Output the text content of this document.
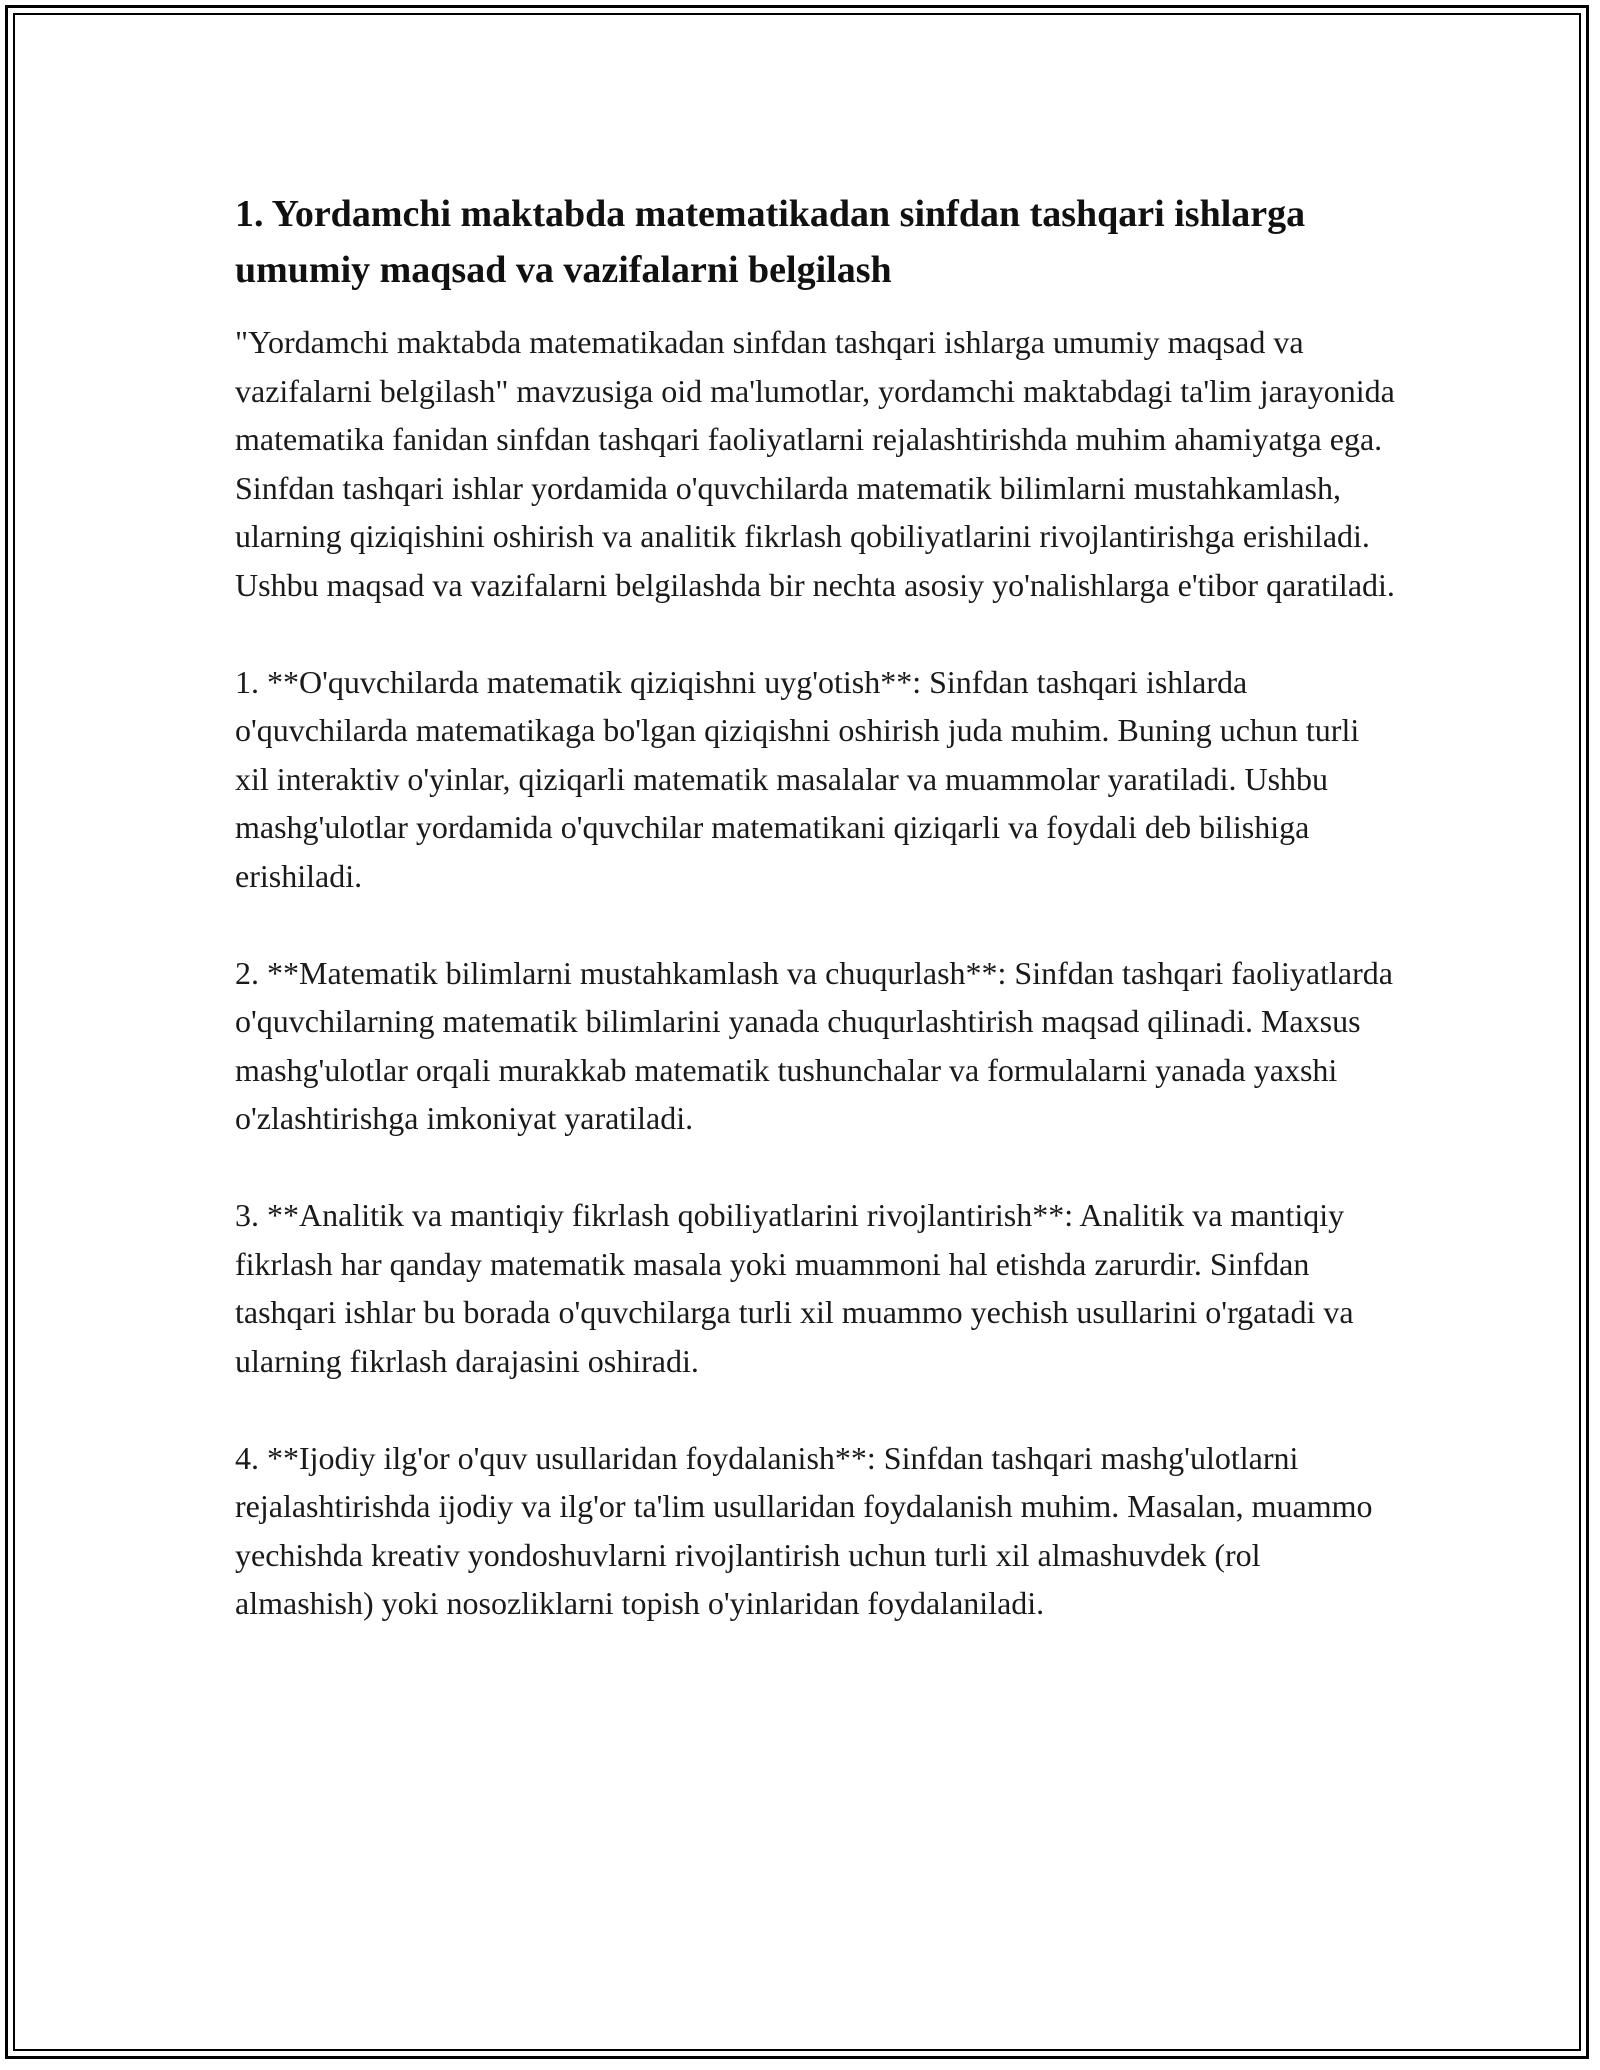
1. Yordamchi maktabda matematikadan sinfdan tashqari ishlarga umumiy maqsad va vazifalarni belgilash

"Yordamchi maktabda matematikadan sinfdan tashqari ishlarga umumiy maqsad va vazifalarni belgilash" mavzusiga oid ma'lumotlar, yordamchi maktabdagi ta'lim jarayonida matematika fanidan sinfdan tashqari faoliyatlarni rejalashtirishda muhim ahamiyatga ega. Sinfdan tashqari ishlar yordamida o'quvchilarda matematik bilimlarni mustahkamlash, ularning qiziqishini oshirish va analitik fikrlash qobiliyatlarini rivojlantirishga erishiladi. Ushbu maqsad va vazifalarni belgilashda bir nechta asosiy yo'nalishlarga e'tibor qaratiladi.

1. **O'quvchilarda matematik qiziqishni uyg'otish**: Sinfdan tashqari ishlarda o'quvchilarda matematikaga bo'lgan qiziqishni oshirish juda muhim. Buning uchun turli xil interaktiv o'yinlar, qiziqarli matematik masalalar va muammolar yaratiladi. Ushbu mashg'ulotlar yordamida o'quvchilar matematikani qiziqarli va foydali deb bilishiga erishiladi.

2. **Matematik bilimlarni mustahkamlash va chuqurlash**: Sinfdan tashqari faoliyatlarda o'quvchilarning matematik bilimlarini yanada chuqurlashtirish maqsad qilinadi. Maxsus mashg'ulotlar orqali murakkab matematik tushunchalar va formulalarni yanada yaxshi o'zlashtirishga imkoniyat yaratiladi.

3. **Analitik va mantiqiy fikrlash qobiliyatlarini rivojlantirish**: Analitik va mantiqiy fikrlash har qanday matematik masala yoki muammoni hal etishda zarurdir. Sinfdan tashqari ishlar bu borada o'quvchilarga turli xil muammo yechish usullarini o'rgatadi va ularning fikrlash darajasini oshiradi.

4. **Ijodiy ilg'or o'quv usullaridan foydalanish**: Sinfdan tashqari mashg'ulotlarni rejalashtirishda ijodiy va ilg'or ta'lim usullaridan foydalanish muhim. Masalan, muammo yechishda kreativ yondoshuvlarni rivojlantirish uchun turli xil almashuvdek (rol almashish) yoki nosozliklarni topish o'yinlaridan foydalaniladi.
